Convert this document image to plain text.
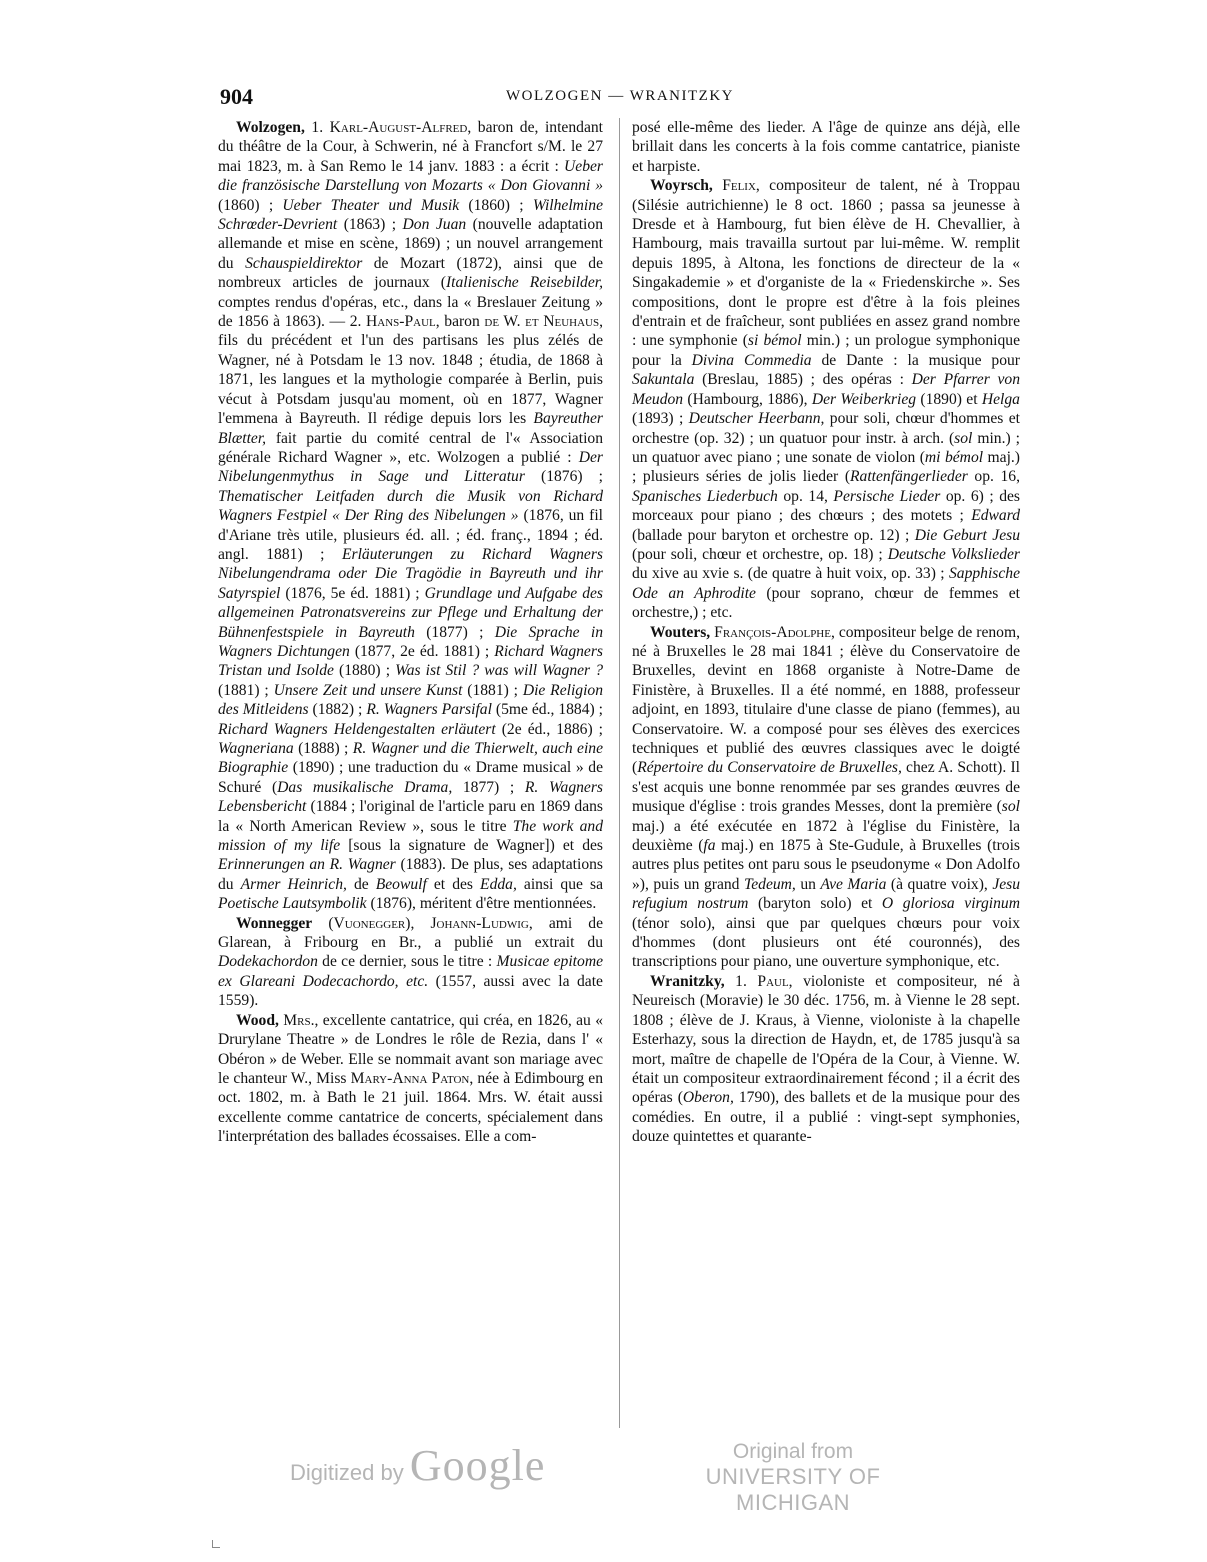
904	WOLZOGEN — WRANITZKY

Wolzogen, 1. Karl-August-Alfred, baron de, intendant du théâtre de la Cour, à Schwerin, né à Francfort s/M. le 27 mai 1823, m. à San Remo le 14 janv. 1883 : a écrit : Ueber die französische Darstellung von Mozarts « Don Giovanni » (1860) ; Ueber Theater und Musik (1860) ; Wilhelmine Schrœder-Devrient (1863) ; Don Juan (nouvelle adaptation allemande et mise en scène, 1869) ; un nouvel arrangement du Schauspieldirektor de Mozart (1872), ainsi que de nombreux articles de journaux (Italienische Reisebilder, comptes rendus d'opéras, etc., dans la « Breslauer Zeitung » de 1856 à 1863). — 2. Hans-Paul, baron de W. et Neuhaus, fils du précédent et l'un des partisans les plus zélés de Wagner, né à Potsdam le 13 nov. 1848 ; étudia, de 1868 à 1871, les langues et la mythologie comparée à Berlin, puis vécut à Potsdam jusqu'au moment, où en 1877, Wagner l'emmena à Bayreuth. Il rédige depuis lors les Bayreuther Blætter, fait partie du comité central de l'« Association générale Richard Wagner », etc. Wolzogen a publié : Der Nibelungenmythus in Sage und Litteratur (1876) ; Thematischer Leitfaden durch die Musik von Richard Wagners Festpiel « Der Ring des Nibelungen » (1876, un fil d'Ariane très utile, plusieurs éd. all. ; éd. franç., 1894 ; éd. angl. 1881) ; Erläuterungen zu Richard Wagners Nibelungendrama oder Die Tragödie in Bayreuth und ihr Satyrspiel (1876, 5e éd. 1881) ; Grundlage und Aufgabe des allgemeinen Patronatsvereins zur Pflege und Erhaltung der Bühnenfestspiele in Bayreuth (1877) ; Die Sprache in Wagners Dichtungen (1877, 2e éd. 1881) ; Richard Wagners Tristan und Isolde (1880) ; Was ist Stil ? was will Wagner ? (1881) ; Unsere Zeit und unsere Kunst (1881) ; Die Religion des Mitleidens (1882) ; R. Wagners Parsifal (5me éd., 1884) ; Richard Wagners Heldengestalten erläutert (2e éd., 1886) ; Wagneriana (1888) ; R. Wagner und die Thierwelt, auch eine Biographie (1890) ; une traduction du « Drame musical » de Schuré (Das musikalische Drama, 1877) ; R. Wagners Lebensbericht (1884 ; l'original de l'article paru en 1869 dans la « North American Review », sous le titre The work and mission of my life [sous la signature de Wagner]) et des Erinnerungen an R. Wagner (1883). De plus, ses adaptations du Armer Heinrich, de Beowulf et des Edda, ainsi que sa Poetische Lautsymbolik (1876), méritent d'être mentionnées.

Wonnegger (Vuonegger), Johann-Ludwig, ami de Glarean, à Fribourg en Br., a publié un extrait du Dodekachordon de ce dernier, sous le titre : Musicae epitome ex Glareani Dodecachordo, etc. (1557, aussi avec la date 1559).

Wood, Mrs., excellente cantatrice, qui créa, en 1826, au « Drurylane Theatre » de Londres le rôle de Rezia, dans l' « Obéron » de Weber. Elle se nommait avant son mariage avec le chanteur W., Miss Mary-Anna Paton, née à Edimbourg en oct. 1802, m. à Bath le 21 juil. 1864. Mrs. W. était aussi excellente comme cantatrice de concerts, spécialement dans l'interprétation des ballades écossaises. Elle a com-

posé elle-même des lieder. A l'âge de quinze ans déjà, elle brillait dans les concerts à la fois comme cantatrice, pianiste et harpiste.

Woyrsch, Felix, compositeur de talent, né à Troppau (Silésie autrichienne) le 8 oct. 1860 ; passa sa jeunesse à Dresde et à Hambourg, fut bien élève de H. Chevallier, à Hambourg, mais travailla surtout par lui-même. W. remplit depuis 1895, à Altona, les fonctions de directeur de la « Singakademie » et d'organiste de la « Friedenskirche ». Ses compositions, dont le propre est d'être à la fois pleines d'entrain et de fraîcheur, sont publiées en assez grand nombre : une symphonie (si bémol min.) ; un prologue symphonique pour la Divina Commedia de Dante : la musique pour Sakuntala (Breslau, 1885) ; des opéras : Der Pfarrer von Meudon (Hambourg, 1886), Der Weiberkrieg (1890) et Helga (1893) ; Deutscher Heerbann, pour soli, chœur d'hommes et orchestre (op. 32) ; un quatuor pour instr. à arch. (sol min.) ; un quatuor avec piano ; une sonate de violon (mi bémol maj.) ; plusieurs séries de jolis lieder (Rattenfängerlieder op. 16, Spanisches Liederbuch op. 14, Persische Lieder op. 6) ; des morceaux pour piano ; des chœurs ; des motets ; Edward (ballade pour baryton et orchestre op. 12) ; Die Geburt Jesu (pour soli, chœur et orchestre, op. 18) ; Deutsche Volkslieder du xive au xvie s. (de quatre à huit voix, op. 33) ; Sapphische Ode an Aphrodite (pour soprano, chœur de femmes et orchestre,) ; etc.

Wouters, François-Adolphe, compositeur belge de renom, né à Bruxelles le 28 mai 1841 ; élève du Conservatoire de Bruxelles, devint en 1868 organiste à Notre-Dame de Finistère, à Bruxelles. Il a été nommé, en 1888, professeur adjoint, en 1893, titulaire d'une classe de piano (femmes), au Conservatoire. W. a composé pour ses élèves des exercices techniques et publié des œuvres classiques avec le doigté (Répertoire du Conservatoire de Bruxelles, chez A. Schott). Il s'est acquis une bonne renommée par ses grandes œuvres de musique d'église : trois grandes Messes, dont la première (sol maj.) a été exécutée en 1872 à l'église du Finistère, la deuxième (fa maj.) en 1875 à Ste-Gudule, à Bruxelles (trois autres plus petites ont paru sous le pseudonyme « Don Adolfo »), puis un grand Tedeum, un Ave Maria (à quatre voix), Jesu refugium nostrum (baryton solo) et O gloriosa virginum (ténor solo), ainsi que par quelques chœurs pour voix d'hommes (dont plusieurs ont été couronnés), des transcriptions pour piano, une ouverture symphonique, etc.

Wranitzky, 1. Paul, violoniste et compositeur, né à Neureisch (Moravie) le 30 déc. 1756, m. à Vienne le 28 sept. 1808 ; élève de J. Kraus, à Vienne, violoniste à la chapelle Esterhazy, sous la direction de Haydn, et, de 1785 jusqu'à sa mort, maître de chapelle de l'Opéra de la Cour, à Vienne. W. était un compositeur extraordinairement fécond ; il a écrit des opéras (Oberon, 1790), des ballets et de la musique pour des comédies. En outre, il a publié : vingt-sept symphonies, douze quintettes et quarante-

Digitized by Google	Original from
UNIVERSITY OF MICHIGAN
